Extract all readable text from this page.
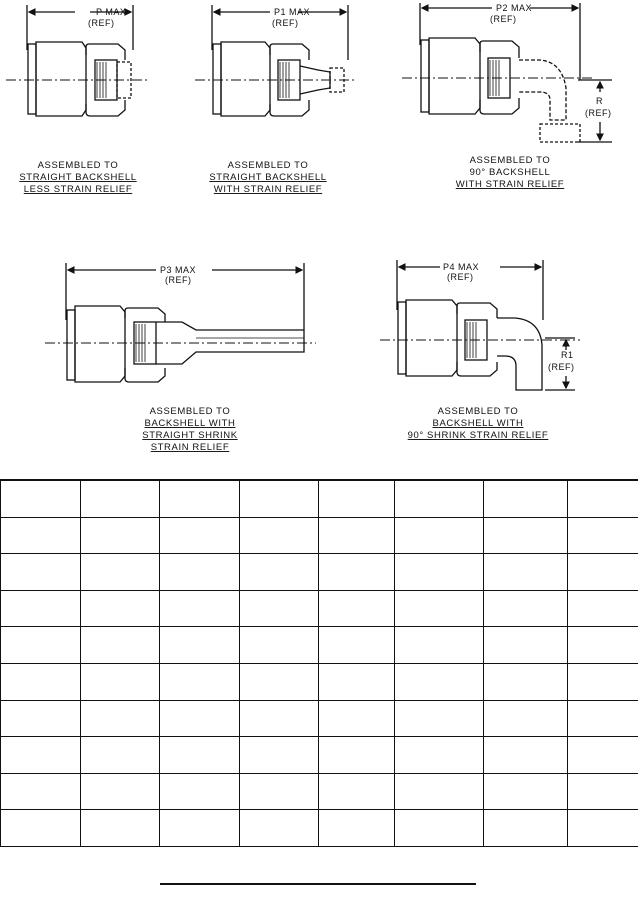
P MAX
(REF)
ASSEMBLED TO
STRAIGHT BACKSHELL
LESS STRAIN RELIEF
P1 MAX
(REF)
ASSEMBLED TO
STRAIGHT BACKSHELL
WITH STRAIN RELIEF
P2 MAX
(REF)
R
(REF)
ASSEMBLED TO
90° BACKSHELL
WITH STRAIN RELIEF
P3 MAX
(REF)
ASSEMBLED TO
BACKSHELL WITH
STRAIGHT SHRINK
STRAIN RELIEF
P4 MAX
(REF)
R1
(REF)
ASSEMBLED TO
BACKSHELL WITH
90° SHRINK STRAIN RELIEF
